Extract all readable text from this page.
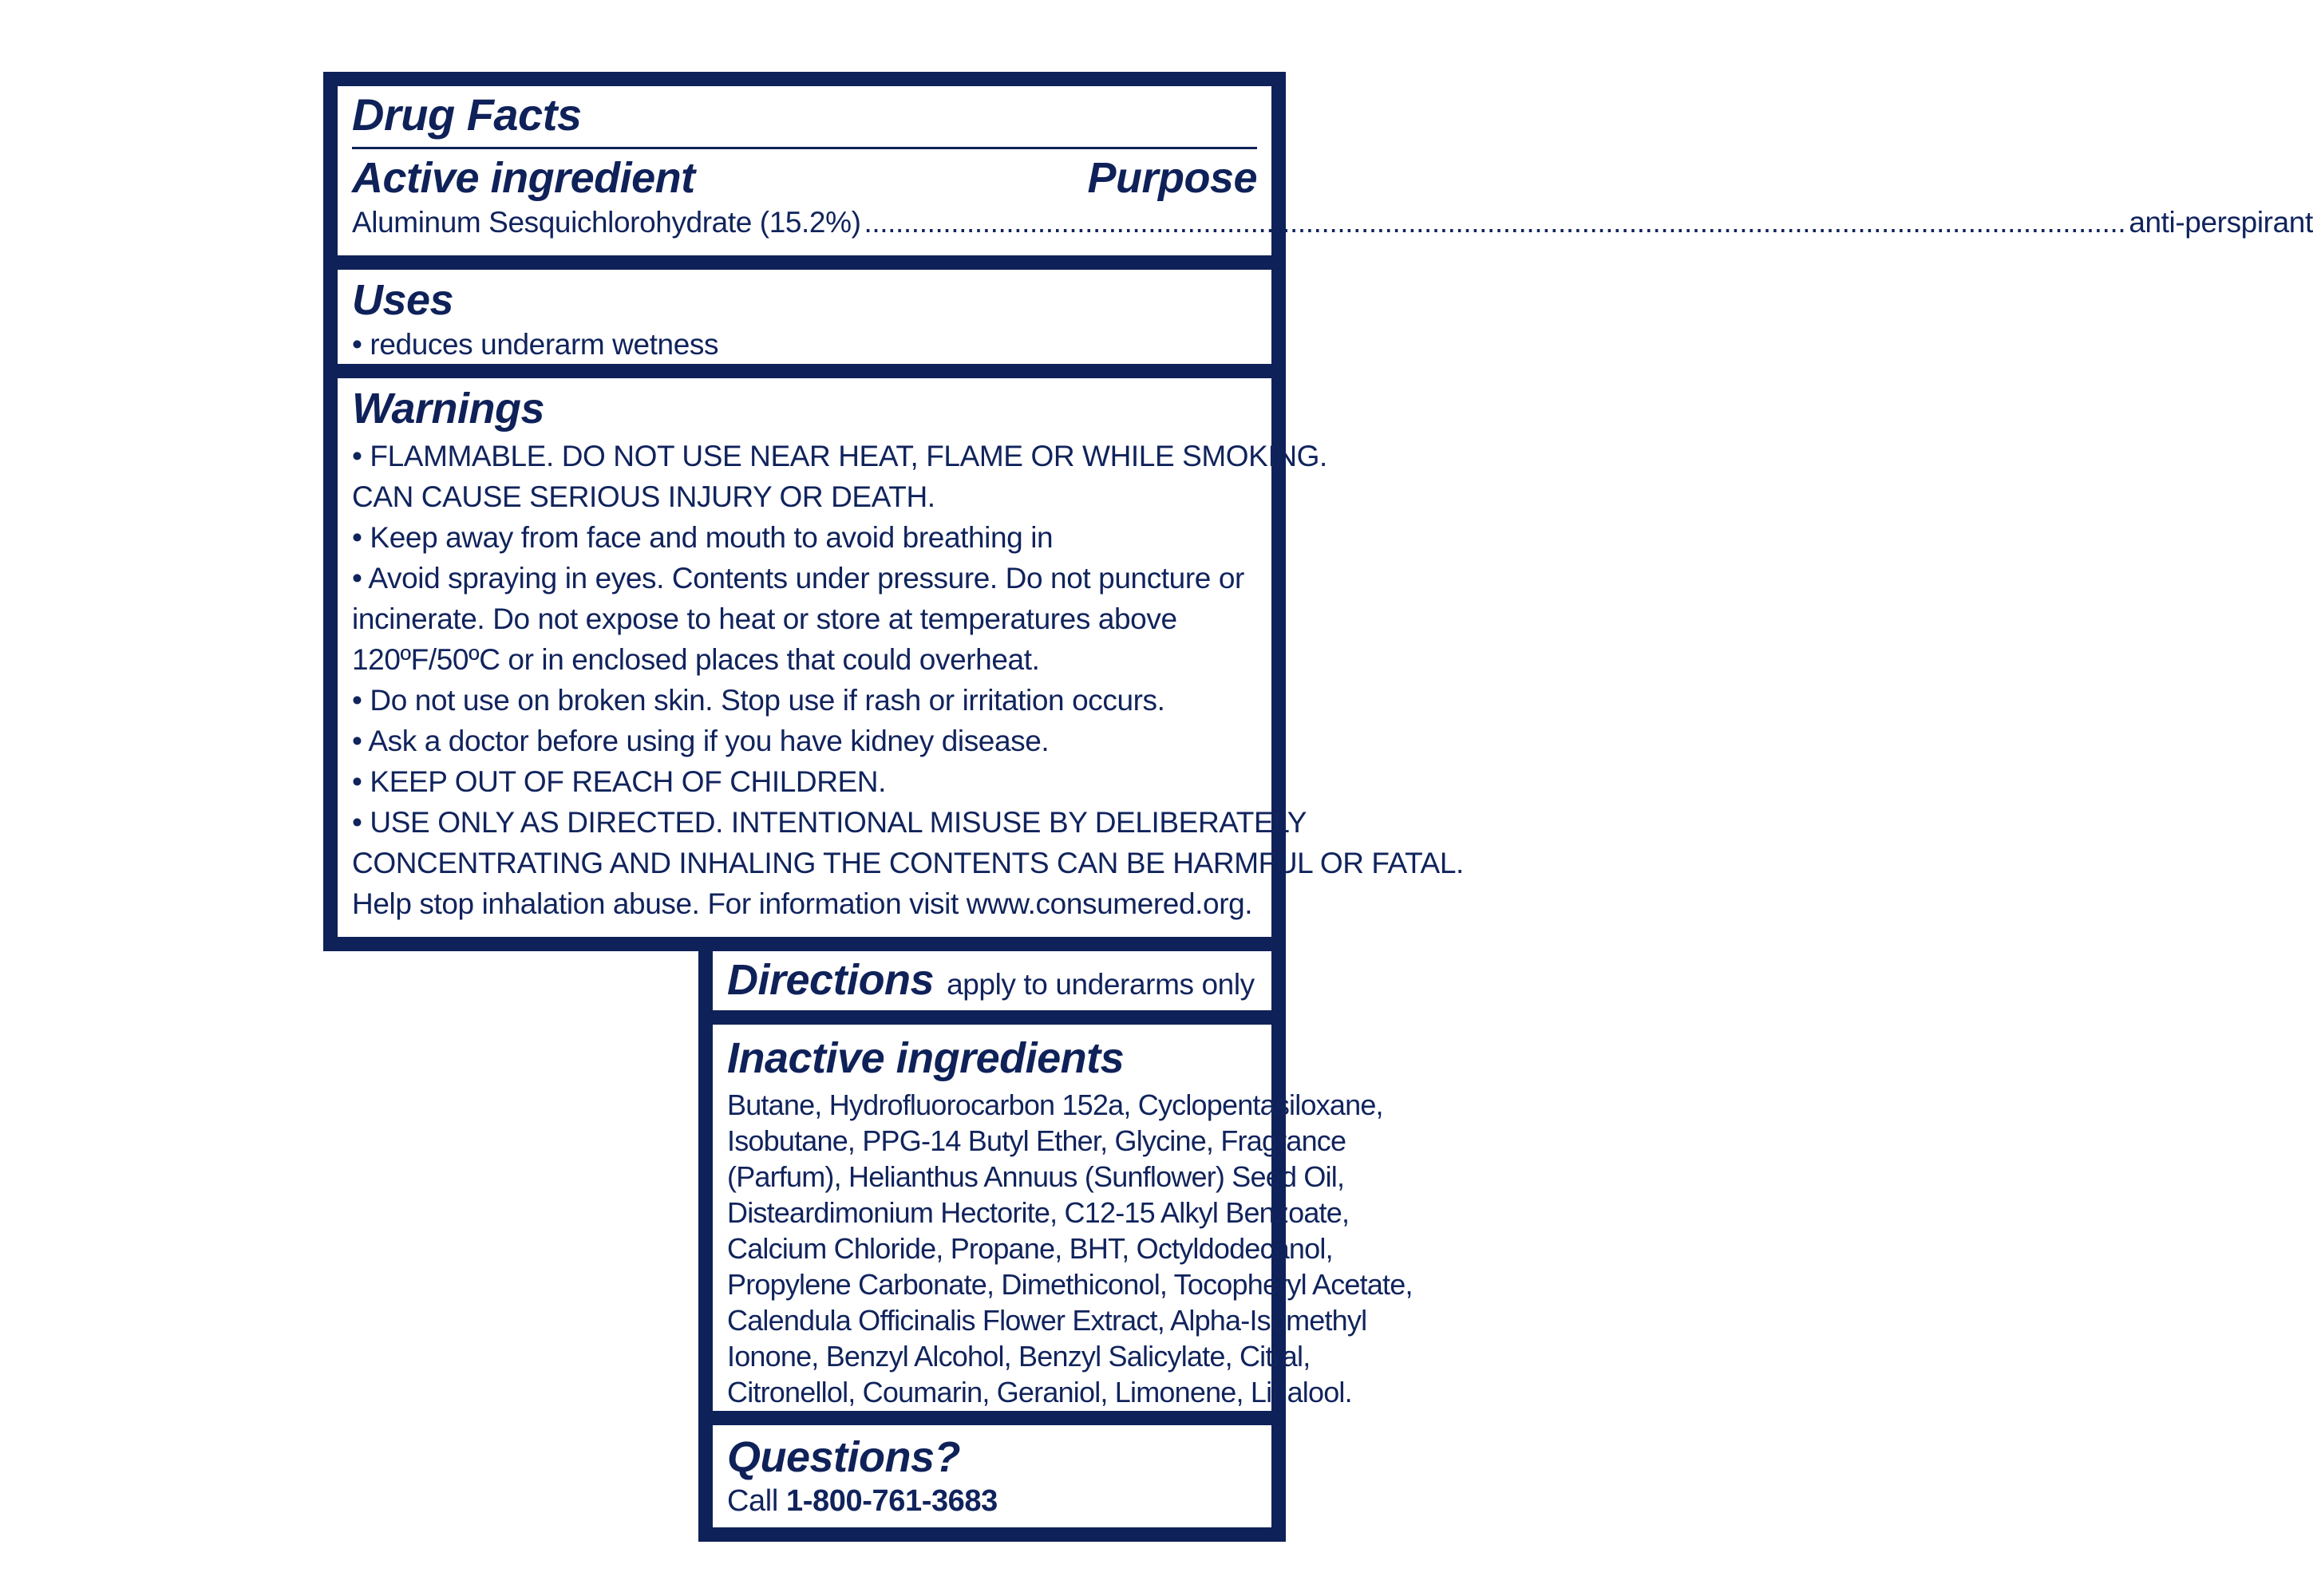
Drug Facts
Active ingredient	Purpose
Aluminum Sesquichlorohydrate (15.2%)
.....	anti-perspirant
Uses
• reduces underarm wetness
Warnings
• FLAMMABLE. DO NOT USE NEAR HEAT, FLAME OR WHILE SMOKING.
CAN CAUSE SERIOUS INJURY OR DEATH.
• Keep away from face and mouth to avoid breathing in
• Avoid spraying in eyes. Contents under pressure. Do not puncture or
incinerate. Do not expose to heat or store at temperatures above
120ºF/50ºC or in enclosed places that could overheat.
• Do not use on broken skin. Stop use if rash or irritation occurs.
• Ask a doctor before using if you have kidney disease.
• KEEP OUT OF REACH OF CHILDREN.
• USE ONLY AS DIRECTED. INTENTIONAL MISUSE BY DELIBERATELY
CONCENTRATING AND INHALING THE CONTENTS CAN BE HARMFUL OR FATAL.
Help stop inhalation abuse. For information visit www.consumered.org.
Directions apply to underarms only
Inactive ingredients
Butane, Hydrofluorocarbon 152a, Cyclopentasiloxane,
Isobutane, PPG-14 Butyl Ether, Glycine, Fragrance
(Parfum), Helianthus Annuus (Sunflower) Seed Oil,
Disteardimonium Hectorite, C12-15 Alkyl Benzoate,
Calcium Chloride, Propane, BHT, Octyldodecanol,
Propylene Carbonate, Dimethiconol, Tocopheryl Acetate,
Calendula Officinalis Flower Extract, Alpha-Isomethyl
Ionone, Benzyl Alcohol, Benzyl Salicylate, Citral,
Citronellol, Coumarin, Geraniol, Limonene, Linalool.
Questions?
Call 1-800-761-3683
